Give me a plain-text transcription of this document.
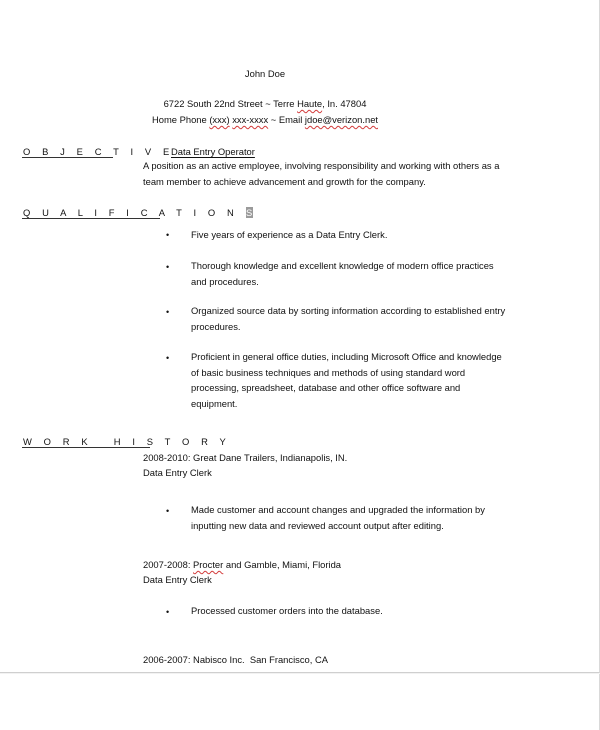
John Doe
6722 South 22nd Street ~ Terre Haute, In. 47804
Home Phone (xxx) xxx-xxxx ~ Email jdoe@verizon.net
O B J E C T I V E
Data Entry Operator
A position as an active employee, involving responsibility and working with others as a
team member to achieve advancement and growth for the company.
Q U A L I F I C A T I O N S
• Five years of experience as a Data Entry Clerk.
• Thorough knowledge and excellent knowledge of modern office practices and procedures.
• Organized source data by sorting information according to established entry procedures.
• Proficient in general office duties, including Microsoft Office and knowledge of basic business techniques and methods of using standard word processing, spreadsheet, database and other office software and equipment.
W O R K   H I S T O R Y
2008-2010: Great Dane Trailers, Indianapolis, IN.
Data Entry Clerk
• Made customer and account changes and upgraded the information by inputting new data and reviewed account output after editing.
2007-2008: Procter and Gamble, Miami, Florida
Data Entry Clerk
• Processed customer orders into the database.
2006-2007: Nabisco Inc.  San Francisco, CA
